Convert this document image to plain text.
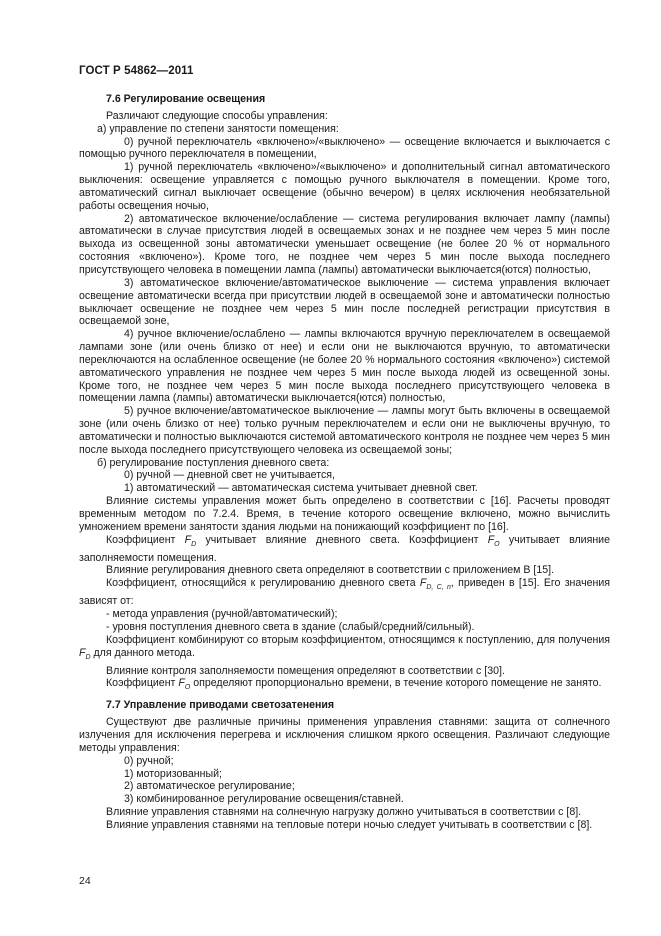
ГОСТ Р 54862—2011
7.6 Регулирование освещения

Различают следующие способы управления:

а) управление по степени занятости помещения:

0) ручной переключатель «включено»/«выключено» — освещение включается и выключается с помощью ручного переключателя в помещении,

1) ручной переключатель «включено»/«выключено» и дополнительный сигнал автоматического выключения: освещение управляется с помощью ручного выключателя в помещении. Кроме того, автоматический сигнал выключает освещение (обычно вечером) в целях исключения необязательной работы освещения ночью,

2) автоматическое включение/ослабление — система регулирования включает лампу (лампы) автоматически в случае присутствия людей в освещаемых зонах и не позднее чем через 5 мин после выхода из освещенной зоны автоматически уменьшает освещение (не более 20 % от нормального состояния «включено»). Кроме того, не позднее чем через 5 мин после выхода последнего присутствующего человека в помещении лампа (лампы) автоматически выключается(ются) полностью,

3) автоматическое включение/автоматическое выключение — система управления включает освещение автоматически всегда при присутствии людей в освещаемой зоне и автоматически полностью выключает освещение не позднее чем через 5 мин после последней регистрации присутствия в освещаемой зоне,

4) ручное включение/ослаблено — лампы включаются вручную переключателем в освещаемой лампами зоне (или очень близко от нее) и если они не выключаются вручную, то автоматически переключаются на ослабленное освещение (не более 20 % нормального состояния «включено») системой автоматического управления не позднее чем через 5 мин после выхода людей из освещенной зоны. Кроме того, не позднее чем через 5 мин после выхода последнего присутствующего человека в помещении лампа (лампы) автоматически выключается(ются) полностью,

5) ручное включение/автоматическое выключение — лампы могут быть включены в освещаемой зоне (или очень близко от нее) только ручным переключателем и если они не выключены вручную, то автоматически и полностью выключаются системой автоматического контроля не позднее чем через 5 мин после выхода последнего присутствующего человека из освещаемой зоны;

б) регулирование поступления дневного света:

0) ручной — дневной свет не учитывается,

1) автоматический — автоматическая система учитывает дневной свет.

Влияние системы управления может быть определено в соответствии с [16]. Расчеты проводят временным методом по 7.2.4. Время, в течение которого освещение включено, можно вычислить умножением времени занятости здания людьми на понижающий коэффициент по [16].

Коэффициент $F_D$ учитывает влияние дневного света. Коэффициент $F_O$ учитывает влияние заполняемости помещения.

Влияние регулирования дневного света определяют в соответствии с приложением В [15].

Коэффициент, относящийся к регулированию дневного света $F_{D, C, n}$, приведен в [15]. Его значения зависят от:

- метода управления (ручной/автоматический);

- уровня поступления дневного света в здание (слабый/средний/сильный).

Коэффициент комбинируют со вторым коэффициентом, относящимся к поступлению, для получения $F_D$ для данного метода.

Влияние контроля заполняемости помещения определяют в соответствии с [30].

Коэффициент $F_O$ определяют пропорционально времени, в течение которого помещение не занято.

7.7 Управление приводами светозатенения

Существуют две различные причины применения управления ставнями: защита от солнечного излучения для исключения перегрева и исключения слишком яркого освещения. Различают следующие методы управления:

0) ручной;

1) моторизованный;

2) автоматическое регулирование;

3) комбинированное регулирование освещения/ставней.

Влияние управления ставнями на солнечную нагрузку должно учитываться в соответствии с [8].

Влияние управления ставнями на тепловые потери ночью следует учитывать в соответствии с [8].

24
